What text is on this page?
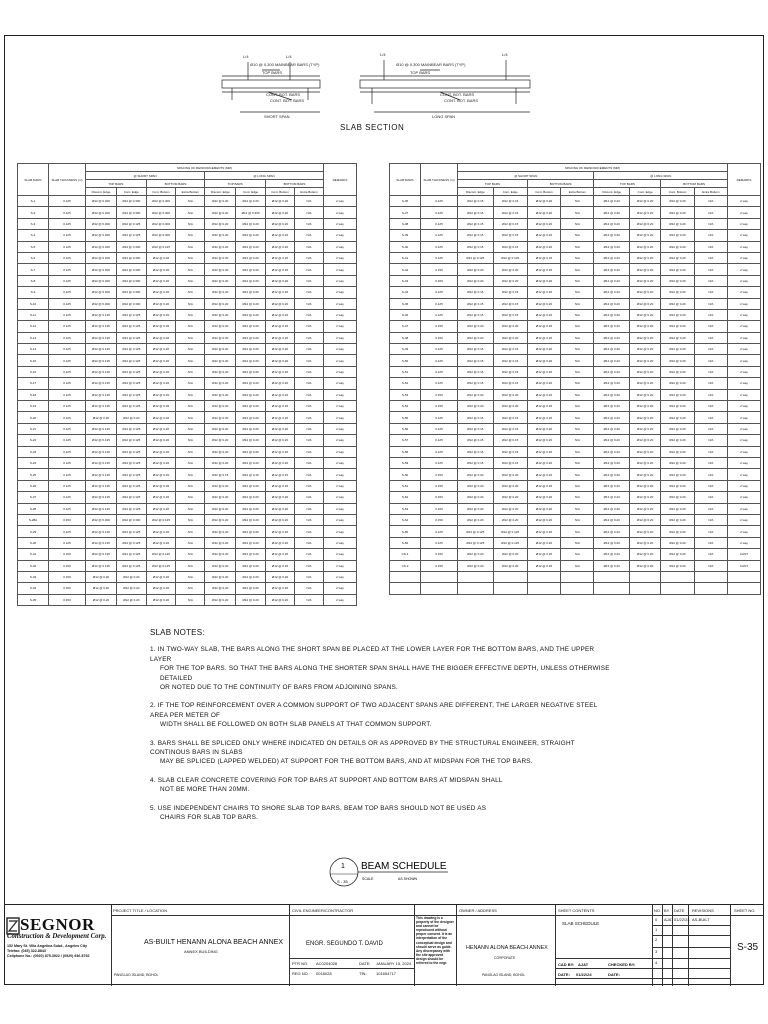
L/4	L/4
Ø10 @ 0.300 MAINBEAR BARS (TYP)
TOP BARS
CONT. BOT. BARS
CONT. BOT. BARS
SHORT SPAN
L/4	L/4
Ø10 @ 0.300 MAINBEAR BARS (TYP)
TOP BARS
CONT. BOT. BARS
CONT. BOT. BARS
LONG SPAN
SLAB SECTION
SLAB MARK	SLAB THICKNESS (m)	SPACING OF REINFORCEMENTS (MM)								REMARKS
		@ SHORT SPAN				@ LONG SPAN				
		TOP BARS		BOTTOM BARS		TOP BARS		BOTTOM BARS		
		Discont. Edge	Cont. Edge	Cont. Bottom	Extra Bottom	Discont. Edge	Cont. Edge	Cont. Bottom	Extra Bottom	
S-1	0.125	Ø12 @ 0.300	Ø12 @ 0.300	Ø12 @ 0.300	N/A	Ø12 @ 0.20	Ø12 @ 0.20	Ø12 @ 0.20	N/A	2 way
S-2	0.125	Ø12 @ 0.300	Ø12 @ 0.300	Ø12 @ 0.300	N/A	Ø12 @ 0.20	Ø12 @ 0.300	Ø12 @ 0.20	N/A	2 way
S-3	0.125	Ø12 @ 0.300	Ø12 @ 0.125	Ø12 @ 0.300	N/A	Ø12 @ 0.20	Ø12 @ 0.20	Ø12 @ 0.20	N/A	2 way
S-4	0.125	Ø12 @ 0.300	Ø12 @ 0.125	Ø12 @ 0.300	N/A	Ø12 @ 0.20	Ø12 @ 0.20	Ø12 @ 0.20	N/A	2 way
S-5	0.125	Ø12 @ 0.300	Ø12 @ 0.300	Ø12 @ 0.125	N/A	Ø12 @ 0.20	Ø12 @ 0.20	Ø12 @ 0.20	N/A	2 way
S-6	0.125	Ø12 @ 0.300	Ø12 @ 0.300	Ø12 @ 0.20	N/A	Ø12 @ 0.20	Ø12 @ 0.20	Ø12 @ 0.20	N/A	2 way
S-7	0.125	Ø12 @ 0.300	Ø12 @ 0.300	Ø12 @ 0.20	N/A	Ø12 @ 0.20	Ø12 @ 0.20	Ø12 @ 0.20	N/A	2 way
S-8	0.125	Ø12 @ 0.300	Ø12 @ 0.300	Ø12 @ 0.20	N/A	Ø12 @ 0.20	Ø12 @ 0.20	Ø12 @ 0.20	N/A	2 way
S-9	0.125	Ø12 @ 0.300	Ø12 @ 0.300	Ø12 @ 0.20	N/A	Ø12 @ 0.20	Ø12 @ 0.20	Ø12 @ 0.20	N/A	2 way
S-10	0.125	Ø12 @ 0.300	Ø12 @ 0.300	Ø12 @ 0.20	N/A	Ø12 @ 0.20	Ø12 @ 0.20	Ø12 @ 0.20	N/A	2 way
S-11	0.125	Ø12 @ 0.125	Ø12 @ 0.125	Ø12 @ 0.20	N/A	Ø12 @ 0.20	Ø12 @ 0.20	Ø12 @ 0.20	N/A	2 way
S-12	0.125	Ø12 @ 0.125	Ø12 @ 0.125	Ø12 @ 0.20	N/A	Ø12 @ 0.20	Ø12 @ 0.20	Ø12 @ 0.20	N/A	2 way
S-13	0.125	Ø12 @ 0.125	Ø12 @ 0.125	Ø12 @ 0.20	N/A	Ø12 @ 0.20	Ø12 @ 0.20	Ø12 @ 0.20	N/A	2 way
S-14	0.125	Ø12 @ 0.125	Ø12 @ 0.125	Ø12 @ 0.20	N/A	Ø12 @ 0.20	Ø12 @ 0.20	Ø12 @ 0.20	N/A	2 way
S-15	0.125	Ø12 @ 0.125	Ø12 @ 0.125	Ø12 @ 0.20	N/A	Ø12 @ 0.20	Ø12 @ 0.20	Ø12 @ 0.20	N/A	2 way
S-16	0.125	Ø12 @ 0.125	Ø12 @ 0.125	Ø12 @ 0.20	N/A	Ø12 @ 0.20	Ø12 @ 0.20	Ø12 @ 0.20	N/A	2 way
S-17	0.125	Ø12 @ 0.125	Ø12 @ 0.125	Ø12 @ 0.20	N/A	Ø12 @ 0.20	Ø12 @ 0.20	Ø12 @ 0.20	N/A	2 way
S-18	0.125	Ø12 @ 0.125	Ø12 @ 0.125	Ø12 @ 0.20	N/A	Ø12 @ 0.20	Ø12 @ 0.20	Ø12 @ 0.20	N/A	2 way
S-19	0.125	Ø12 @ 0.125	Ø12 @ 0.125	Ø12 @ 0.20	N/A	Ø12 @ 0.20	Ø12 @ 0.20	Ø12 @ 0.20	N/A	2 way
S-20	0.125	Ø12 @ 0.20	Ø12 @ 0.20	Ø12 @ 0.20	N/A	Ø12 @ 0.20	Ø12 @ 0.20	Ø12 @ 0.20	N/A	2 way
S-21	0.125	Ø12 @ 0.125	Ø12 @ 0.125	Ø12 @ 0.20	N/A	Ø12 @ 0.20	Ø12 @ 0.20	Ø12 @ 0.20	N/A	2 way
S-22	0.125	Ø12 @ 0.125	Ø12 @ 0.125	Ø12 @ 0.20	N/A	Ø12 @ 0.20	Ø12 @ 0.20	Ø12 @ 0.20	N/A	2 way
S-23	0.125	Ø12 @ 0.125	Ø12 @ 0.125	Ø12 @ 0.20	N/A	Ø12 @ 0.20	Ø12 @ 0.20	Ø12 @ 0.20	N/A	2 way
S-24	0.125	Ø12 @ 0.125	Ø12 @ 0.125	Ø12 @ 0.20	N/A	Ø12 @ 0.20	Ø12 @ 0.20	Ø12 @ 0.20	N/A	2 way
S-25	0.125	Ø12 @ 0.125	Ø12 @ 0.125	Ø12 @ 0.20	N/A	Ø12 @ 0.15	Ø12 @ 0.15	Ø12 @ 0.15	N/A	2 way
S-26	0.125	Ø12 @ 0.125	Ø12 @ 0.125	Ø12 @ 0.20	N/A	Ø12 @ 0.20	Ø12 @ 0.20	Ø12 @ 0.20	N/A	2 way
S-27	0.125	Ø12 @ 0.125	Ø12 @ 0.125	Ø12 @ 0.20	N/A	Ø12 @ 0.20	Ø12 @ 0.20	Ø12 @ 0.20	N/A	2 way
S-28	0.125	Ø12 @ 0.125	Ø12 @ 0.125	Ø12 @ 0.20	N/A	Ø12 @ 0.20	Ø12 @ 0.20	Ø12 @ 0.20	N/A	2 way
S-28A	0.150	Ø12 @ 0.300	Ø12 @ 0.300	Ø12 @ 0.125	N/A	Ø12 @ 0.20	Ø12 @ 0.20	Ø12 @ 0.20	N/A	2 way
S-29	0.125	Ø12 @ 0.125	Ø12 @ 0.125	Ø12 @ 0.20	N/A	Ø12 @ 0.20	Ø12 @ 0.20	Ø12 @ 0.20	N/A	2 way
S-30	0.125	Ø12 @ 0.125	Ø12 @ 0.125	Ø12 @ 0.20	N/A	Ø12 @ 0.20	Ø12 @ 0.20	Ø12 @ 0.20	N/A	2 way
S-31	0.150	Ø12 @ 0.125	Ø12 @ 0.125	Ø12 @ 0.125	N/A	Ø12 @ 0.20	Ø12 @ 0.20	Ø12 @ 0.20	N/A	2 way
S-32	0.150	Ø12 @ 0.125	Ø12 @ 0.125	Ø12 @ 0.125	N/A	Ø12 @ 0.20	Ø12 @ 0.20	Ø12 @ 0.20	N/A	2 way
S-33	0.150	Ø12 @ 0.20	Ø12 @ 0.20	Ø12 @ 0.20	N/A	Ø12 @ 0.20	Ø12 @ 0.20	Ø12 @ 0.20	N/A	2 way
S-34	0.150	Ø12 @ 0.20	Ø12 @ 0.20	Ø12 @ 0.20	N/A	Ø12 @ 0.20	Ø12 @ 0.20	Ø12 @ 0.20	N/A	2 way
S-35	0.150	Ø12 @ 0.20	Ø12 @ 0.20	Ø12 @ 0.20	N/A	Ø12 @ 0.20	Ø12 @ 0.20	Ø12 @ 0.20	N/A	2 way
SLAB MARK	SLAB THICKNESS (m)	SPACING OF REINFORCEMENTS (MM)								REMARKS
		@ SHORT SPAN				@ LONG SPAN				
		TOP BARS		BOTTOM BARS		TOP BARS		BOTTOM BARS		
		Discont. Edge	Cont. Edge	Cont. Bottom	Extra Bottom	Discont. Edge	Cont. Edge	Cont. Bottom	Extra Bottom	
S-36	0.125	Ø12 @ 0.15	Ø12 @ 0.15	Ø12 @ 0.20	N/A	Ø12 @ 0.20	Ø12 @ 0.20	Ø12 @ 0.20	N/A	2 way
S-37	0.125	Ø12 @ 0.15	Ø12 @ 0.15	Ø12 @ 0.20	N/A	Ø12 @ 0.20	Ø12 @ 0.20	Ø12 @ 0.20	N/A	2 way
S-38	0.125	Ø12 @ 0.15	Ø12 @ 0.15	Ø12 @ 0.20	N/A	Ø12 @ 0.20	Ø12 @ 0.20	Ø12 @ 0.20	N/A	2 way
S-39	0.125	Ø12 @ 0.15	Ø12 @ 0.15	Ø12 @ 0.20	N/A	Ø12 @ 0.20	Ø12 @ 0.20	Ø12 @ 0.20	N/A	2 way
S-40	0.125	Ø12 @ 0.15	Ø12 @ 0.15	Ø12 @ 0.20	N/A	Ø12 @ 0.20	Ø12 @ 0.20	Ø12 @ 0.20	N/A	2 way
S-41	0.125	Ø12 @ 0.125	Ø12 @ 0.125	Ø12 @ 0.15	N/A	Ø12 @ 0.20	Ø12 @ 0.20	Ø12 @ 0.20	N/A	2 way
S-42	0.150	Ø12 @ 0.20	Ø12 @ 0.20	Ø12 @ 0.20	N/A	Ø12 @ 0.20	Ø12 @ 0.20	Ø12 @ 0.20	N/A	2 way
S-43	0.150	Ø12 @ 0.20	Ø12 @ 0.20	Ø12 @ 0.20	N/A	Ø12 @ 0.20	Ø12 @ 0.20	Ø12 @ 0.20	N/A	2 way
S-44	0.125	Ø12 @ 0.15	Ø12 @ 0.15	Ø12 @ 0.20	N/A	Ø12 @ 0.20	Ø12 @ 0.20	Ø12 @ 0.20	N/A	2 way
S-45	0.125	Ø12 @ 0.15	Ø12 @ 0.15	Ø12 @ 0.20	N/A	Ø12 @ 0.20	Ø12 @ 0.20	Ø12 @ 0.20	N/A	2 way
S-46	0.125	Ø12 @ 0.15	Ø12 @ 0.15	Ø12 @ 0.20	N/A	Ø12 @ 0.20	Ø12 @ 0.20	Ø12 @ 0.20	N/A	2 way
S-47	0.150	Ø12 @ 0.20	Ø12 @ 0.20	Ø12 @ 0.20	N/A	Ø12 @ 0.20	Ø12 @ 0.20	Ø12 @ 0.20	N/A	2 way
S-48	0.150	Ø12 @ 0.20	Ø12 @ 0.20	Ø12 @ 0.20	N/A	Ø12 @ 0.20	Ø12 @ 0.20	Ø12 @ 0.20	N/A	2 way
S-49	0.125	Ø12 @ 0.15	Ø12 @ 0.15	Ø12 @ 0.20	N/A	Ø12 @ 0.20	Ø12 @ 0.20	Ø12 @ 0.20	N/A	2 way
S-50	0.125	Ø12 @ 0.15	Ø12 @ 0.15	Ø12 @ 0.20	N/A	Ø12 @ 0.20	Ø12 @ 0.20	Ø12 @ 0.20	N/A	2 way
S-51	0.125	Ø12 @ 0.15	Ø12 @ 0.15	Ø12 @ 0.20	N/A	Ø12 @ 0.20	Ø12 @ 0.20	Ø12 @ 0.20	N/A	2 way
S-52	0.125	Ø12 @ 0.15	Ø12 @ 0.15	Ø12 @ 0.20	N/A	Ø12 @ 0.20	Ø12 @ 0.20	Ø12 @ 0.20	N/A	2 way
S-53	0.150	Ø12 @ 0.20	Ø12 @ 0.20	Ø12 @ 0.20	N/A	Ø12 @ 0.20	Ø12 @ 0.20	Ø12 @ 0.20	N/A	2 way
S-54	0.150	Ø12 @ 0.20	Ø12 @ 0.20	Ø12 @ 0.20	N/A	Ø12 @ 0.20	Ø12 @ 0.20	Ø12 @ 0.20	N/A	2 way
S-55	0.125	Ø12 @ 0.15	Ø12 @ 0.15	Ø12 @ 0.20	N/A	Ø12 @ 0.20	Ø12 @ 0.20	Ø12 @ 0.20	N/A	2 way
S-56	0.125	Ø12 @ 0.15	Ø12 @ 0.15	Ø12 @ 0.20	N/A	Ø12 @ 0.20	Ø12 @ 0.20	Ø12 @ 0.20	N/A	2 way
S-57	0.125	Ø12 @ 0.15	Ø12 @ 0.15	Ø12 @ 0.20	N/A	Ø12 @ 0.20	Ø12 @ 0.20	Ø12 @ 0.20	N/A	2 way
S-58	0.125	Ø12 @ 0.15	Ø12 @ 0.15	Ø12 @ 0.20	N/A	Ø12 @ 0.20	Ø12 @ 0.20	Ø12 @ 0.20	N/A	2 way
S-59	0.125	Ø12 @ 0.15	Ø12 @ 0.15	Ø12 @ 0.20	N/A	Ø12 @ 0.20	Ø12 @ 0.20	Ø12 @ 0.20	N/A	2 way
S-60	0.150	Ø12 @ 0.20	Ø12 @ 0.20	Ø12 @ 0.20	N/A	Ø12 @ 0.20	Ø12 @ 0.20	Ø12 @ 0.20	N/A	2 way
S-61	0.150	Ø12 @ 0.20	Ø12 @ 0.20	Ø12 @ 0.20	N/A	Ø12 @ 0.20	Ø12 @ 0.20	Ø12 @ 0.20	N/A	2 way
S-62	0.150	Ø12 @ 0.20	Ø12 @ 0.20	Ø12 @ 0.20	N/A	Ø12 @ 0.20	Ø12 @ 0.20	Ø12 @ 0.20	N/A	2 way
S-63	0.150	Ø12 @ 0.20	Ø12 @ 0.20	Ø12 @ 0.20	N/A	Ø12 @ 0.20	Ø12 @ 0.20	Ø12 @ 0.20	N/A	2 way
S-64	0.150	Ø12 @ 0.20	Ø12 @ 0.20	Ø12 @ 0.20	N/A	Ø12 @ 0.20	Ø12 @ 0.20	Ø12 @ 0.20	N/A	2 way
S-65	0.125	Ø12 @ 0.125	Ø12 @ 0.125	Ø12 @ 0.20	N/A	Ø12 @ 0.20	Ø12 @ 0.20	Ø12 @ 0.20	N/A	2 way
S-66	0.125	Ø12 @ 0.125	Ø12 @ 0.125	Ø12 @ 0.20	N/A	Ø12 @ 0.20	Ø12 @ 0.20	Ø12 @ 0.20	N/A	2 way
CS-1	0.150	Ø12 @ 0.20	Ø12 @ 0.20	Ø12 @ 0.20	N/A	Ø12 @ 0.20	Ø12 @ 0.20	Ø12 @ 0.20	N/A	CANT
CS-2	0.150	Ø12 @ 0.20	Ø12 @ 0.20	Ø12 @ 0.20	N/A	Ø12 @ 0.20	Ø12 @ 0.20	Ø12 @ 0.20	N/A	CANT

SLAB NOTES:

1. IN TWO-WAY SLAB, THE BARS ALONG THE SHORT SPAN BE PLACED AT THE LOWER LAYER FOR THE BOTTOM BARS, AND THE UPPER LAYER
FOR THE TOP BARS. SO THAT THE BARS ALONG THE SHORTER SPAN SHALL HAVE THE BIGGER EFFECTIVE DEPTH, UNLESS OTHERWISE DETAILED
OR NOTED DUE TO THE CONTINUITY OF BARS FROM ADJOINING SPANS.

2. IF THE TOP REINFORCEMENT OVER A COMMON SUPPORT OF TWO ADJACENT SPANS ARE DIFFERENT, THE LARGER NEGATIVE STEEL AREA PER METER OF
WIDTH SHALL BE FOLLOWED ON BOTH SLAB PANELS AT THAT COMMON SUPPORT.

3. BARS SHALL BE SPLICED ONLY WHERE INDICATED ON DETAILS OR AS APPROVED BY THE STRUCTURAL ENGINEER, STRAIGHT CONTINOUS BARS IN SLABS
MAY BE SPLICED (LAPPED WELDED) AT SUPPORT FOR THE BOTTOM BARS, AND AT MIDSPAN FOR THE TOP BARS.

4. SLAB CLEAR CONCRETE COVERING FOR TOP BARS AT SUPPORT AND BOTTOM BARS AT MIDSPAN SHALL
NOT BE MORE THAN 20MM.

5. USE INDEPENDENT CHAIRS TO SHORE SLAB TOP BARS. BEAM TOP BARS SHOULD NOT BE USED AS
CHAIRS FOR SLAB TOP BARS.

1
S - 35
BEAM SCHEDULE
SCALE	AS SHOWN
SEGNOR
Construction & Development Corp.
152 Mary St. Villa Angelina Subd., Angeles City
Telefax: (045) 322-8843
Cellphone No.: (0920) 875-3922 / (0920) 936-8792
PROJECT TITLE / LOCATION
AS-BUILT HENANN ALONA BEACH ANNEX
ANNEX BUILDING
PANGLAO ISLAND, BOHOL
CIVIL ENGINEER/CONTRACTOR
ENGR. SEGUNDO T. DAVID
PTR NO. AC0204028	DATE: JANUARY 15, 2024
REG NO. 0018028	TIN: 101654717
This drawing is a property of the designer and cannot be reproduced without proper consent. It is an interpretation of the conceptual design and should serve as guide. Any discrepancy with the site approved design should be referred to the engr.
OWNER / ADDRESS
HENANN ALONA BEACH ANNEX
CORPORATE
PANGLAO ISLAND, BOHOL
SHEET CONTENTS
SLAB SCHEDULE
CAD BY: AJAT	CHECKED BY:
DATE: 01/22/24	DATE:
NO. BY DATE REVISIONS
0 AJAT 01/22/24 AS-BUILT
1
2
3
4
SHEET NO.
S-35
